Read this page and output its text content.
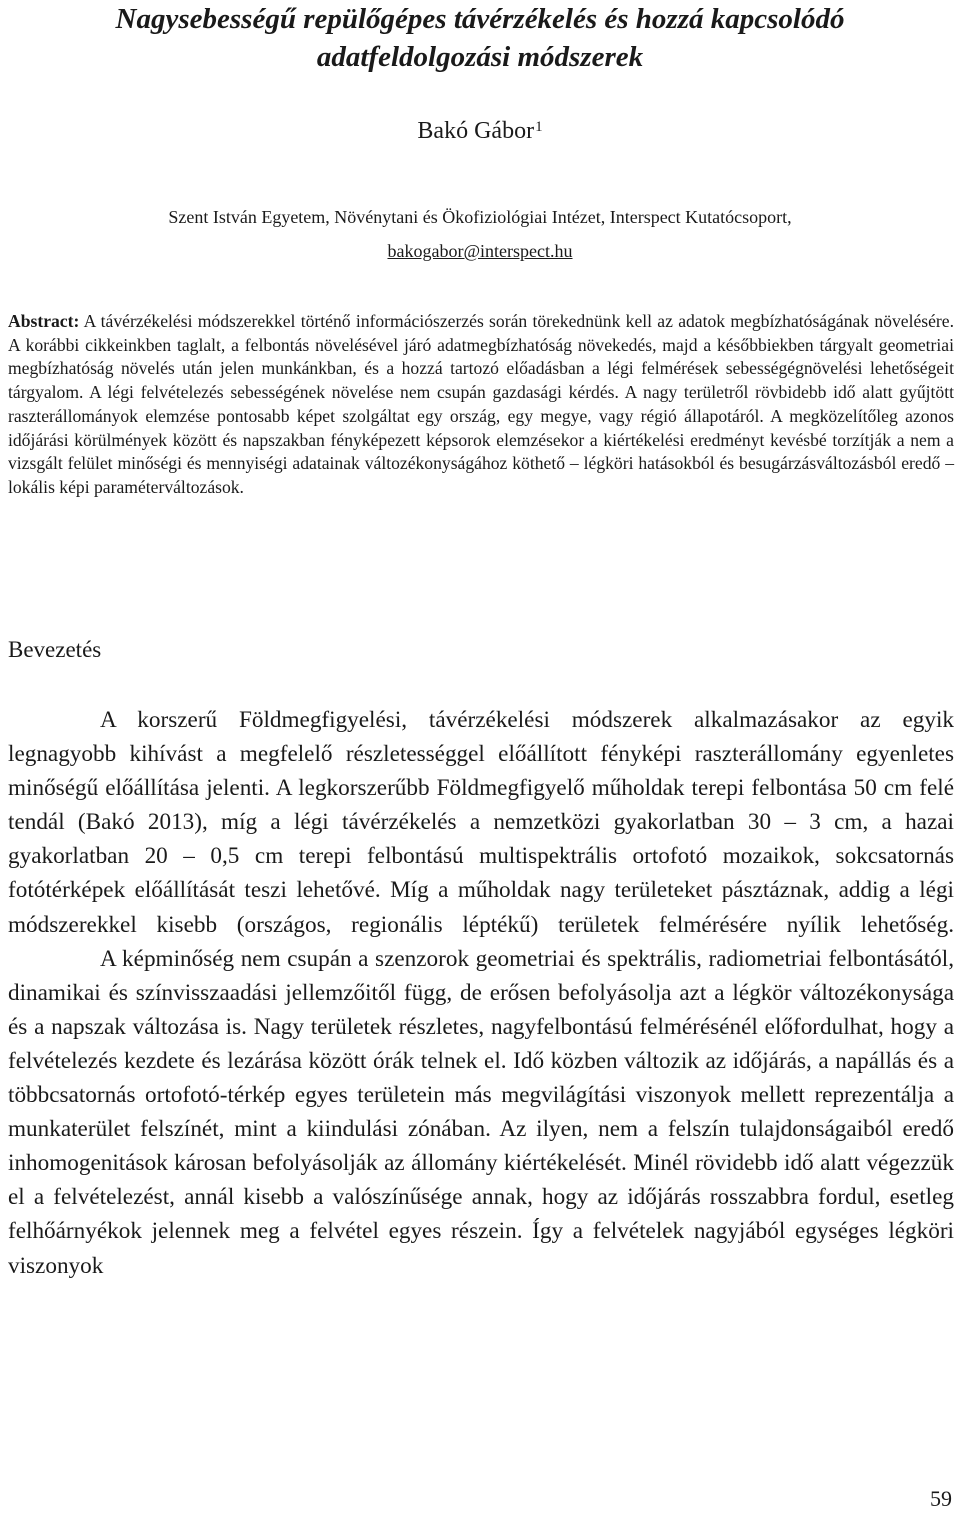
Nagysebességű repülőgépes távérzékelés és hozzá kapcsolódó
adatfeldolgozási módszerek
Bakó Gábor$^1$
Szent István Egyetem, Növénytani és Ökofiziológiai Intézet, Interspect Kutatócsoport,
bakogabor@interspect.hu
Abstract: A távérzékelési módszerekkel történő információszerzés során törekednünk kell az adatok megbízhatóságának növelésére. A korábbi cikkeinkben taglalt, a felbontás növelésével járó adatmegbízhatóság növekedés, majd a későbbiekben tárgyalt geometriai megbízhatóság növelés után jelen munkánkban, és a hozzá tartozó előadásban a légi felmérések sebességégnövelési lehetőségeit tárgyalom. A légi felvételezés sebességének növelése nem csupán gazdasági kérdés. A nagy területről rövbidebb idő alatt gyűjtött raszterállományok elemzése pontosabb képet szolgáltat egy ország, egy megye, vagy régió állapotáról. A megközelítőleg azonos időjárási körülmények között és napszakban fényképezett képsorok elemzésekor a kiértékelési eredményt kevésbé torzítják a nem a vizsgált felület minőségi és mennyiségi adatainak változékonyságához köthető – légköri hatásokból és besugárzásváltozásból eredő – lokális képi paraméterváltozások.
Bevezetés

A korszerű Földmegfigyelési, távérzékelési módszerek alkalmazásakor az egyik legnagyobb kihívást a megfelelő részletességgel előállított fényképi raszterállomány egyenletes minőségű előállítása jelenti. A legkorszerűbb Földmegfigyelő műholdak terepi felbontása 50 cm felé tendál (Bakó 2013), míg a légi távérzékelés a nemzetközi gyakorlatban 30 – 3 cm, a hazai gyakorlatban 20 – 0,5 cm terepi felbontású multispektrális ortofotó mozaikok, sokcsatornás fotótérképek előállítását teszi lehetővé. Míg a műholdak nagy területeket pásztáznak, addig a légi módszerekkel kisebb (országos, regionális léptékű) területek felmérésére nyílik lehetőség.

A képminőség nem csupán a szenzorok geometriai és spektrális, radiometriai felbontásától, dinamikai és színvisszaadási jellemzőitől függ, de erősen befolyásolja azt a légkör változékonysága és a napszak változása is. Nagy területek részletes, nagyfelbontású felmérésénél előfordulhat, hogy a felvételezés kezdete és lezárása között órák telnek el. Idő közben változik az időjárás, a napállás és a többcsatornás ortofotó-térkép egyes területein más megvilágítási viszonyok mellett reprezentálja a munkaterület felszínét, mint a kiindulási zónában. Az ilyen, nem a felszín tulajdonságaiból eredő inhomogenitások károsan befolyásolják az állomány kiértékelését. Minél rövidebb idő alatt végezzük el a felvételezést, annál kisebb a valószínűsége annak, hogy az időjárás rosszabbra fordul, esetleg felhőárnyékok jelennek meg a felvétel egyes részein. Így a felvételek nagyjából egységes légköri viszonyok

59
